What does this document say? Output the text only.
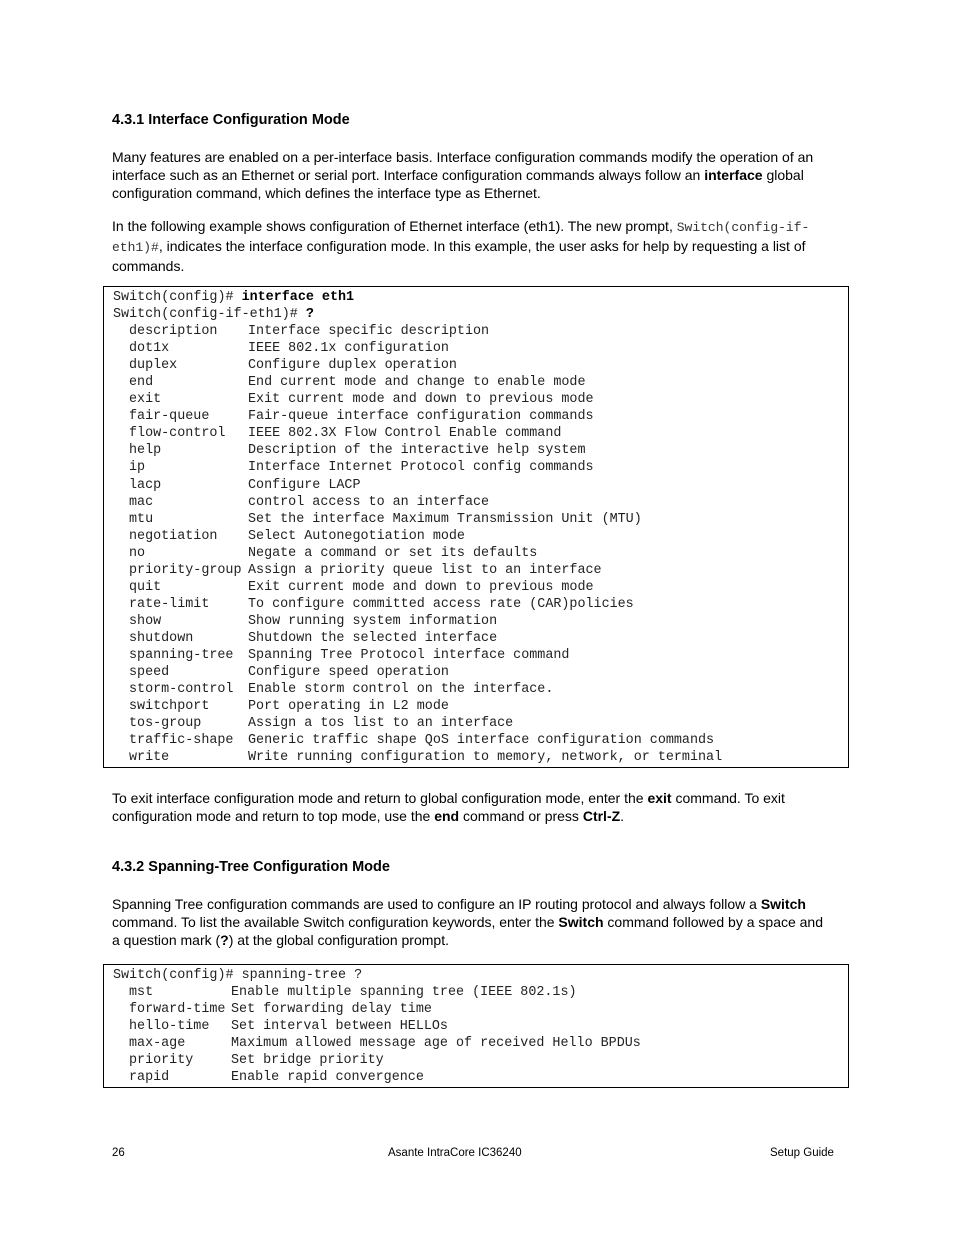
4.3.1 Interface Configuration Mode
Many features are enabled on a per-interface basis. Interface configuration commands modify the operation of an interface such as an Ethernet or serial port. Interface configuration commands always follow an interface global configuration command, which defines the interface type as Ethernet.
In the following example shows configuration of Ethernet interface (eth1). The new prompt, Switch(config-if-eth1)#, indicates the interface configuration mode. In this example, the user asks for help by requesting a list of commands.
Switch(config)# interface eth1
Switch(config-if-eth1)# ?
description Interface specific description
dot1x	IEEE 802.1x configuration
duplex	Configure duplex operation
end	End current mode and change to enable mode
exit	Exit current mode and down to previous mode
fair-queue	Fair-queue interface configuration commands
flow-control IEEE 802.3X Flow Control Enable command
help	Description of the interactive help system
ip	Interface Internet Protocol config commands
lacp	Configure LACP
mac	control access to an interface
mtu	Set the interface Maximum Transmission Unit (MTU)
negotiation Select Autonegotiation mode
no	Negate a command or set its defaults
priority-group Assign a priority queue list to an interface
quit	Exit current mode and down to previous mode
rate-limit	To configure committed access rate (CAR)policies
show	Show running system information
shutdown	Shutdown the selected interface
spanning-tree Spanning Tree Protocol interface command
speed	Configure speed operation
storm-control Enable storm control on the interface.
switchport	Port operating in L2 mode
tos-group	Assign a tos list to an interface
traffic-shape Generic traffic shape QoS interface configuration commands
write	Write running configuration to memory, network, or terminal
To exit interface configuration mode and return to global configuration mode, enter the exit command. To exit configuration mode and return to top mode, use the end command or press Ctrl-Z.
4.3.2 Spanning-Tree Configuration Mode
Spanning Tree configuration commands are used to configure an IP routing protocol and always follow a Switch command. To list the available Switch configuration keywords, enter the Switch command followed by a space and a question mark (?) at the global configuration prompt.
Switch(config)# spanning-tree ?
mst	Enable multiple spanning tree (IEEE 802.1s)
forward-time Set forwarding delay time
hello-time Set interval between HELLOs
max-age	Maximum allowed message age of received Hello BPDUs
priority	Set bridge priority
rapid	Enable rapid convergence
26	Asante IntraCore IC36240	Setup Guide
